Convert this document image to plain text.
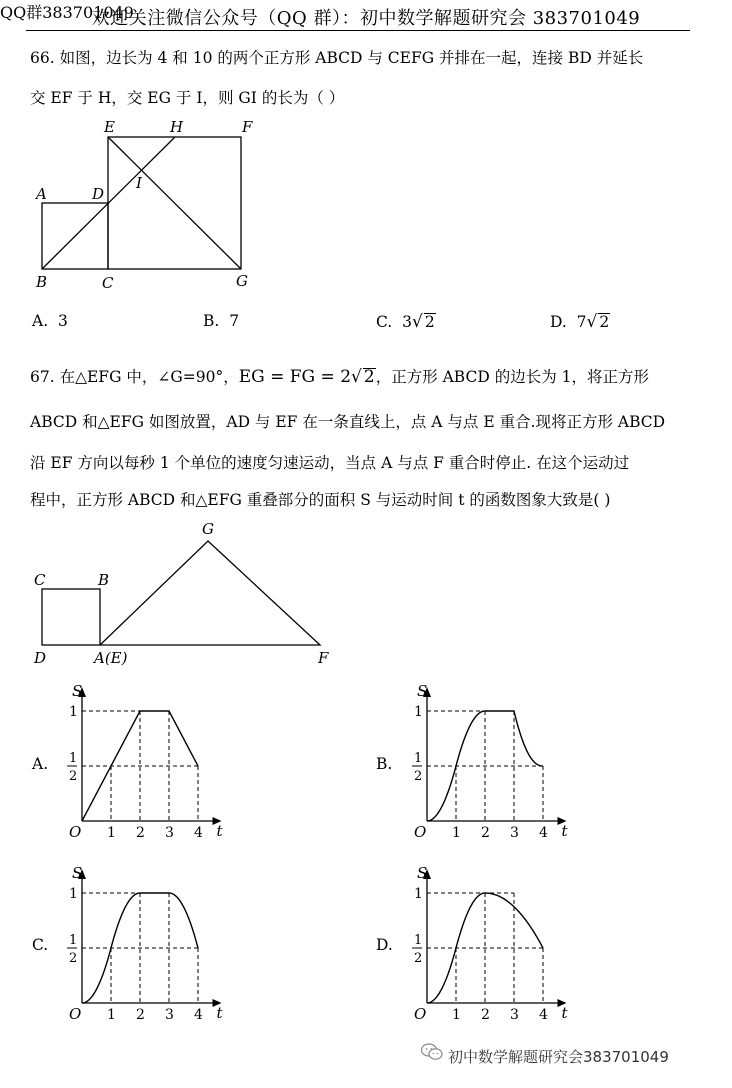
欢迎关注微信公众号（QQ 群）：初中数学解题研究会 383701049
66. 如图，边长为 4 和 10 的两个正方形 ABCD 与 CEFG 并排在一起，连接 BD 并延长
交 EF 于 H，交 EG 于 I，则 GI 的长为（ ）
E	H	F
A	D
I
B	C	G
A. 3	B. 7	C. 3√ 2	D. 7√ 2
67. 在△EFG 中，∠G=90°，EG = FG = 2√ 2，正方形 ABCD 的边长为 1，将正方形
ABCD 和△EFG 如图放置，AD 与 EF 在一条直线上，点 A 与点 E 重合.现将正方形 ABCD
沿 EF 方向以每秒 1 个单位的速度匀速运动，当点 A 与点 F 重合时停止. 在这个运动过
程中，正方形 ABCD 和△EFG 重叠部分的面积 S 与运动时间 t 的函数图象大致是( )
C	B
G
D	A(E)	F
QQ群383701049
S
t
O
1
1
2
1 2 3 4
S
t
O
1
1
2
1 2 3 4
S
t
O
1
1
2
1 2 3 4
S
t
O
1
1
2
1 2 3 4
A.	B.
C.	D.
初中数学解题研究会383701049
